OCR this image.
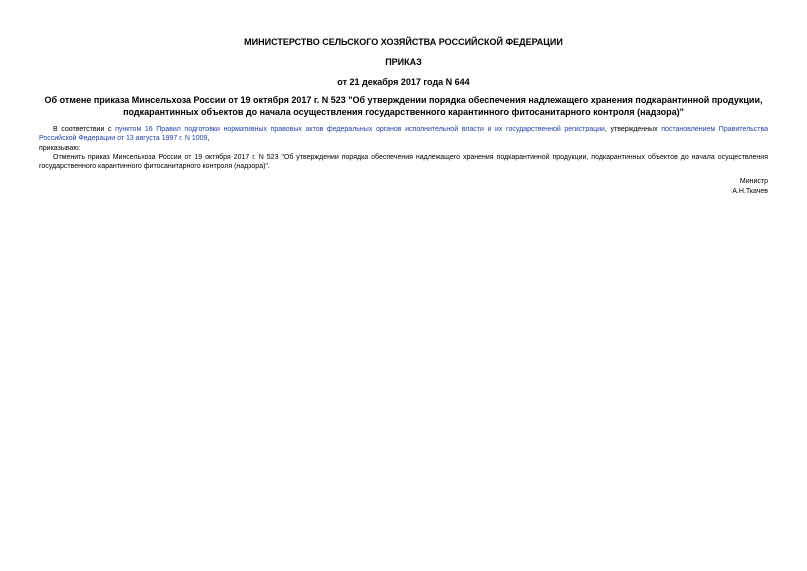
МИНИСТЕРСТВО СЕЛЬСКОГО ХОЗЯЙСТВА РОССИЙСКОЙ ФЕДЕРАЦИИ
ПРИКАЗ
от 21 декабря 2017 года N 644
Об отмене приказа Минсельхоза России от 19 октября 2017 г. N 523 "Об утверждении порядка обеспечения надлежащего хранения подкарантинной продукции,
подкарантинных объектов до начала осуществления государственного карантинного фитосанитарного контроля (надзора)"

В соответствии с пунктом 16 Правил подготовки нормативных правовых актов федеральных органов исполнительной власти и их государственной регистрации, утвержденных постановлением Правительства Российской Федерации от 13 августа 1997 г. N 1009,

приказываю:

Отменить приказ Минсельхоза России от 19 октября 2017 г. N 523 "Об утверждении порядка обеспечения надлежащего хранения подкарантинной продукции, подкарантинных объектов до начала осуществления государственного карантинного фитосанитарного контроля (надзора)".

Министр
А.Н.Ткачев
